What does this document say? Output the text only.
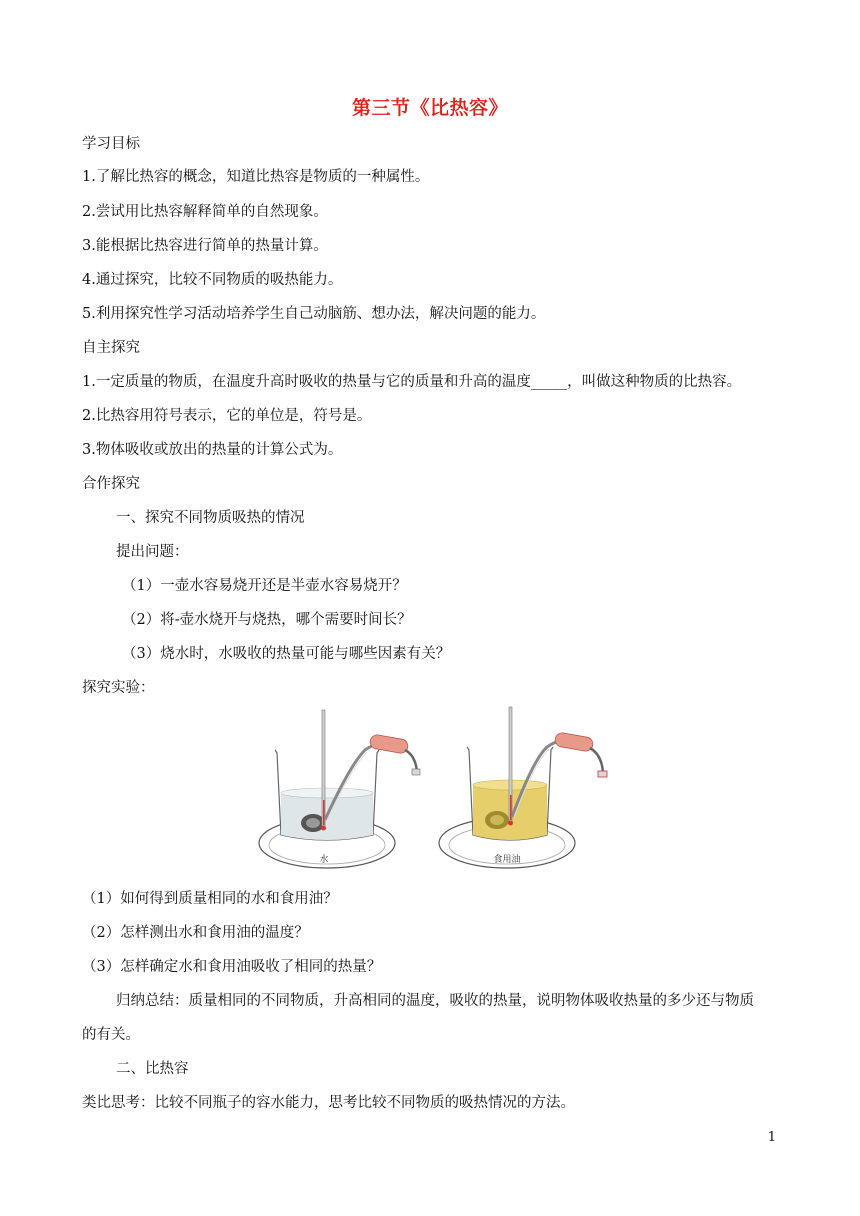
第三节《比热容》
学习目标
1.了解比热容的概念，知道比热容是物质的一种属性。
2.尝试用比热容解释简单的自然现象。
3.能根据比热容进行简单的热量计算。
4.通过探究，比较不同物质的吸热能力。
5.利用探究性学习活动培养学生自己动脑筋、想办法，解决问题的能力。
自主探究
1.一定质量的物质，在温度升高时吸收的热量与它的质量和升高的温度_____，叫做这种物质的比热容。
2.比热容用符号表示，它的单位是，符号是。
3.物体吸收或放出的热量的计算公式为。
合作探究
一、探究不同物质吸热的情况
提出问题：
（1）一壶水容易烧开还是半壶水容易烧开？
（2）将-壶水烧开与烧热，哪个需要时间长？
（3）烧水时，水吸收的热量可能与哪些因素有关？
探究实验：
水	食用油
（1）如何得到质量相同的水和食用油？
（2）怎样测出水和食用油的温度？
（3）怎样确定水和食用油吸收了相同的热量？
归纳总结：质量相同的不同物质，升高相同的温度，吸收的热量，说明物体吸收热量的多少还与物质
的有关。
二、比热容
类比思考：比较不同瓶子的容水能力，思考比较不同物质的吸热情况的方法。
1
